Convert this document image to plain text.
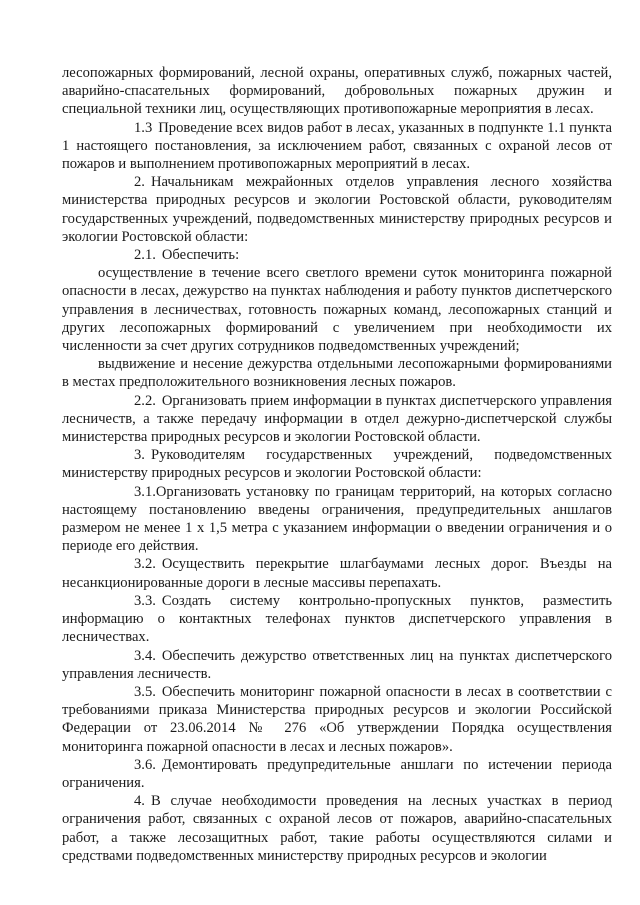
лесопожарных формирований, лесной охраны, оперативных служб, пожарных частей, аварийно-спасательных формирований, добровольных пожарных дружин и специальной техники лиц, осуществляющих противопожарные мероприятия в лесах.

1.3 Проведение всех видов работ в лесах, указанных в подпункте 1.1 пункта 1 настоящего постановления, за исключением работ, связанных с охраной лесов от пожаров и выполнением противопожарных мероприятий в лесах.

2. Начальникам межрайонных отделов управления лесного хозяйства министерства природных ресурсов и экологии Ростовской области, руководителям государственных учреждений, подведомственных министерству природных ресурсов и экологии Ростовской области:

2.1. Обеспечить:

осуществление в течение всего светлого времени суток мониторинга пожарной опасности в лесах, дежурство на пунктах наблюдения и работу пунктов диспетчерского управления в лесничествах, готовность пожарных команд, лесопожарных станций и других лесопожарных формирований с увеличением при необходимости их численности за счет других сотрудников подведомственных учреждений;

выдвижение и несение дежурства отдельными лесопожарными формированиями в местах предположительного возникновения лесных пожаров.

2.2. Организовать прием информации в пунктах диспетчерского управления лесничеств, а также передачу информации в отдел дежурно-диспетчерской службы министерства природных ресурсов и экологии Ростовской области.

3. Руководителям государственных учреждений, подведомственных министерству природных ресурсов и экологии Ростовской области:

3.1.Организовать установку по границам территорий, на которых согласно настоящему постановлению введены ограничения, предупредительных аншлагов размером не менее 1 х 1,5 метра с указанием информации о введении ограничения и о периоде его действия.

3.2. Осуществить перекрытие шлагбаумами лесных дорог. Въезды на несанкционированные дороги в лесные массивы перепахать.

3.3. Создать систему контрольно-пропускных пунктов, разместить информацию о контактных телефонах пунктов диспетчерского управления в лесничествах.

3.4. Обеспечить дежурство ответственных лиц на пунктах диспетчерского управления лесничеств.

3.5. Обеспечить мониторинг пожарной опасности в лесах в соответствии с требованиями приказа Министерства природных ресурсов и экологии Российской Федерации от 23.06.2014 № 276 «Об утверждении Порядка осуществления мониторинга пожарной опасности в лесах и лесных пожаров».

3.6. Демонтировать предупредительные аншлаги по истечении периода ограничения.

4. В случае необходимости проведения на лесных участках в период ограничения работ, связанных с охраной лесов от пожаров, аварийно-спасательных работ, а также лесозащитных работ, такие работы осуществляются силами и средствами подведомственных министерству природных ресурсов и экологии
